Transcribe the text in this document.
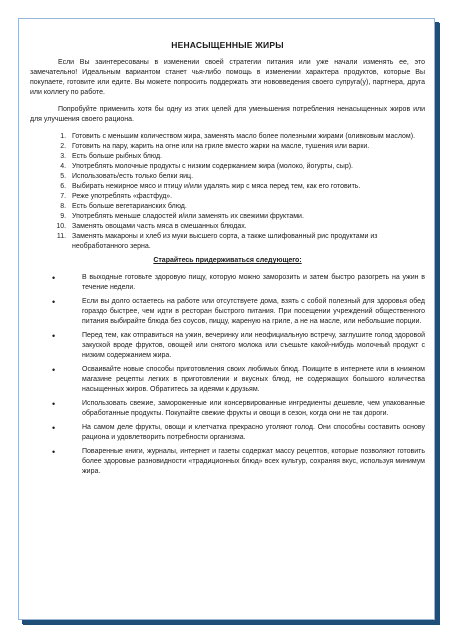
НЕНАСЫЩЕННЫЕ ЖИРЫ

Если Вы заинтересованы в изменении своей стратегии питания или уже начали изменять ее, это замечательно! Идеальным вариантом станет чья-либо помощь в изменении характера продуктов, которые Вы покупаете, готовите или едите. Вы можете попросить поддержать эти нововведения своего супруга(у), партнера, друга или коллегу по работе.

Попробуйте применить хотя бы одну из этих целей для уменьшения потребления ненасыщенных жиров или для улучшения своего рациона.

1. Готовить с меньшим количеством жира, заменять масло более полезными жирами (оливковым маслом).
2. Готовить на пару, жарить на огне или на гриле вместо жарки на масле, тушения или варки.
3. Есть больше рыбных блюд.
4. Употреблять молочные продукты с низким содержанием жира (молоко, йогурты, сыр).
5. Использовать/есть только белки яиц.
6. Выбирать нежирное мясо и птицу и/или удалять жир с мяса перед тем, как его готовить.
7. Реже употреблять «фастфуд».
8. Есть больше вегетарианских блюд.
9. Употреблять меньше сладостей и/или заменять их свежими фруктами.
10. Заменять овощами часть мяса в смешанных блюдах.
11. Заменять макароны и хлеб из муки высшего сорта, а также шлифованный рис продуктами из необработанного зерна.
Старайтесь придерживаться следующего:
•	В выходные готовьте здоровую пищу, которую можно заморозить и затем быстро разогреть на ужин в течение недели.
•	Если вы долго остаетесь на работе или отсутствуете дома, взять с собой полезный для здоровья обед гораздо быстрее, чем идти в ресторан быстрого питания. При посещении учреждений общественного питания выбирайте блюда без соусов, пиццу, жареную на гриле, а не на масле, или небольшие порции.
•	Перед тем, как отправиться на ужин, вечеринку или неофициальную встречу, заглушите голод здоровой закуской вроде фруктов, овощей или снятого молока или съешьте какой-нибудь молочный продукт с низким содержанием жира.
•	Осваивайте новые способы приготовления своих любимых блюд. Поищите в интернете или в книжном магазине рецепты легких в приготовлении и вкусных блюд, не содержащих большого количества насыщенных жиров. Обратитесь за идеями к друзьям.
•	Использовать свежие, замороженные или консервированные ингредиенты дешевле, чем упакованные обработанные продукты. Покупайте свежие фрукты и овощи в сезон, когда они не так дороги.
•	На самом деле фрукты, овощи и клетчатка прекрасно утоляют голод. Они способны составить основу рациона и удовлетворить потребности организма.
•	Поваренные книги, журналы, интернет и газеты содержат массу рецептов, которые позволяют готовить более здоровые разновидности «традиционных блюд» всех культур, сохраняя вкус, используя минимум жира.
